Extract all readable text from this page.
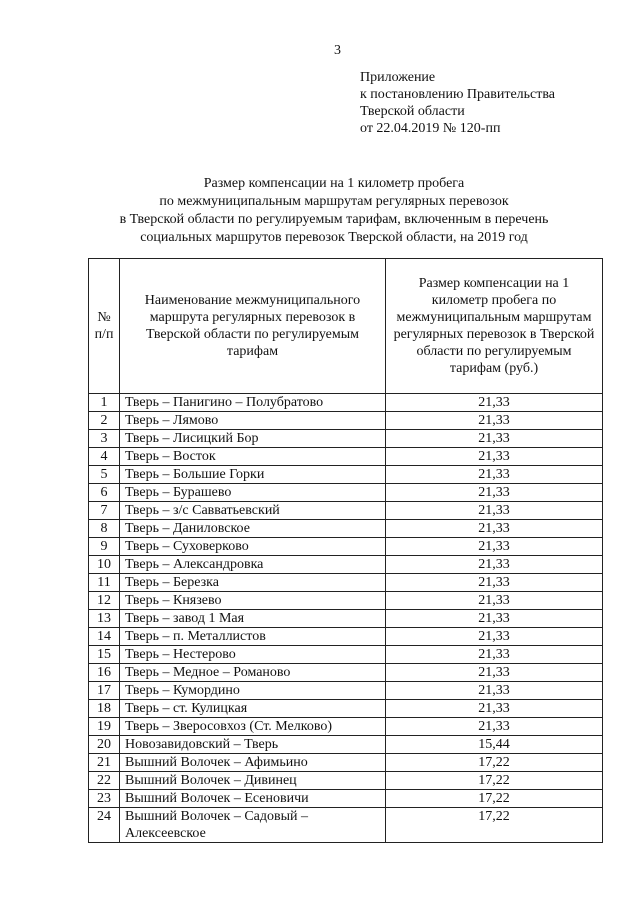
3
Приложение
к постановлению Правительства
Тверской области
от 22.04.2019 № 120-пп
Размер компенсации на 1 километр пробега
по межмуниципальным маршрутам регулярных перевозок
в Тверской области по регулируемым тарифам, включенным в перечень
социальных маршрутов перевозок Тверской области, на 2019 год
№ п/п	Наименование межмуниципального маршрута регулярных перевозок в Тверской области по регулируемым тарифам	Размер компенсации на 1 километр пробега по межмуниципальным маршрутам регулярных перевозок в Тверской области по регулируемым тарифам (руб.)
1	Тверь – Панигино – Полубратово	21,33
2	Тверь – Лямово	21,33
3	Тверь – Лисицкий Бор	21,33
4	Тверь – Восток	21,33
5	Тверь – Большие Горки	21,33
6	Тверь – Бурашево	21,33
7	Тверь – з/с Савватьевский	21,33
8	Тверь – Даниловское	21,33
9	Тверь – Суховерково	21,33
10	Тверь – Александровка	21,33
11	Тверь – Березка	21,33
12	Тверь – Князево	21,33
13	Тверь – завод 1 Мая	21,33
14	Тверь – п. Металлистов	21,33
15	Тверь – Нестерово	21,33
16	Тверь – Медное – Романово	21,33
17	Тверь – Кумордино	21,33
18	Тверь – ст. Кулицкая	21,33
19	Тверь – Зверосовхоз (Ст. Мелково)	21,33
20	Новозавидовский – Тверь	15,44
21	Вышний Волочек – Афимьино	17,22
22	Вышний Волочек – Дивинец	17,22
23	Вышний Волочек – Есеновичи	17,22
24	Вышний Волочек – Садовый – Алексеевское	17,22
